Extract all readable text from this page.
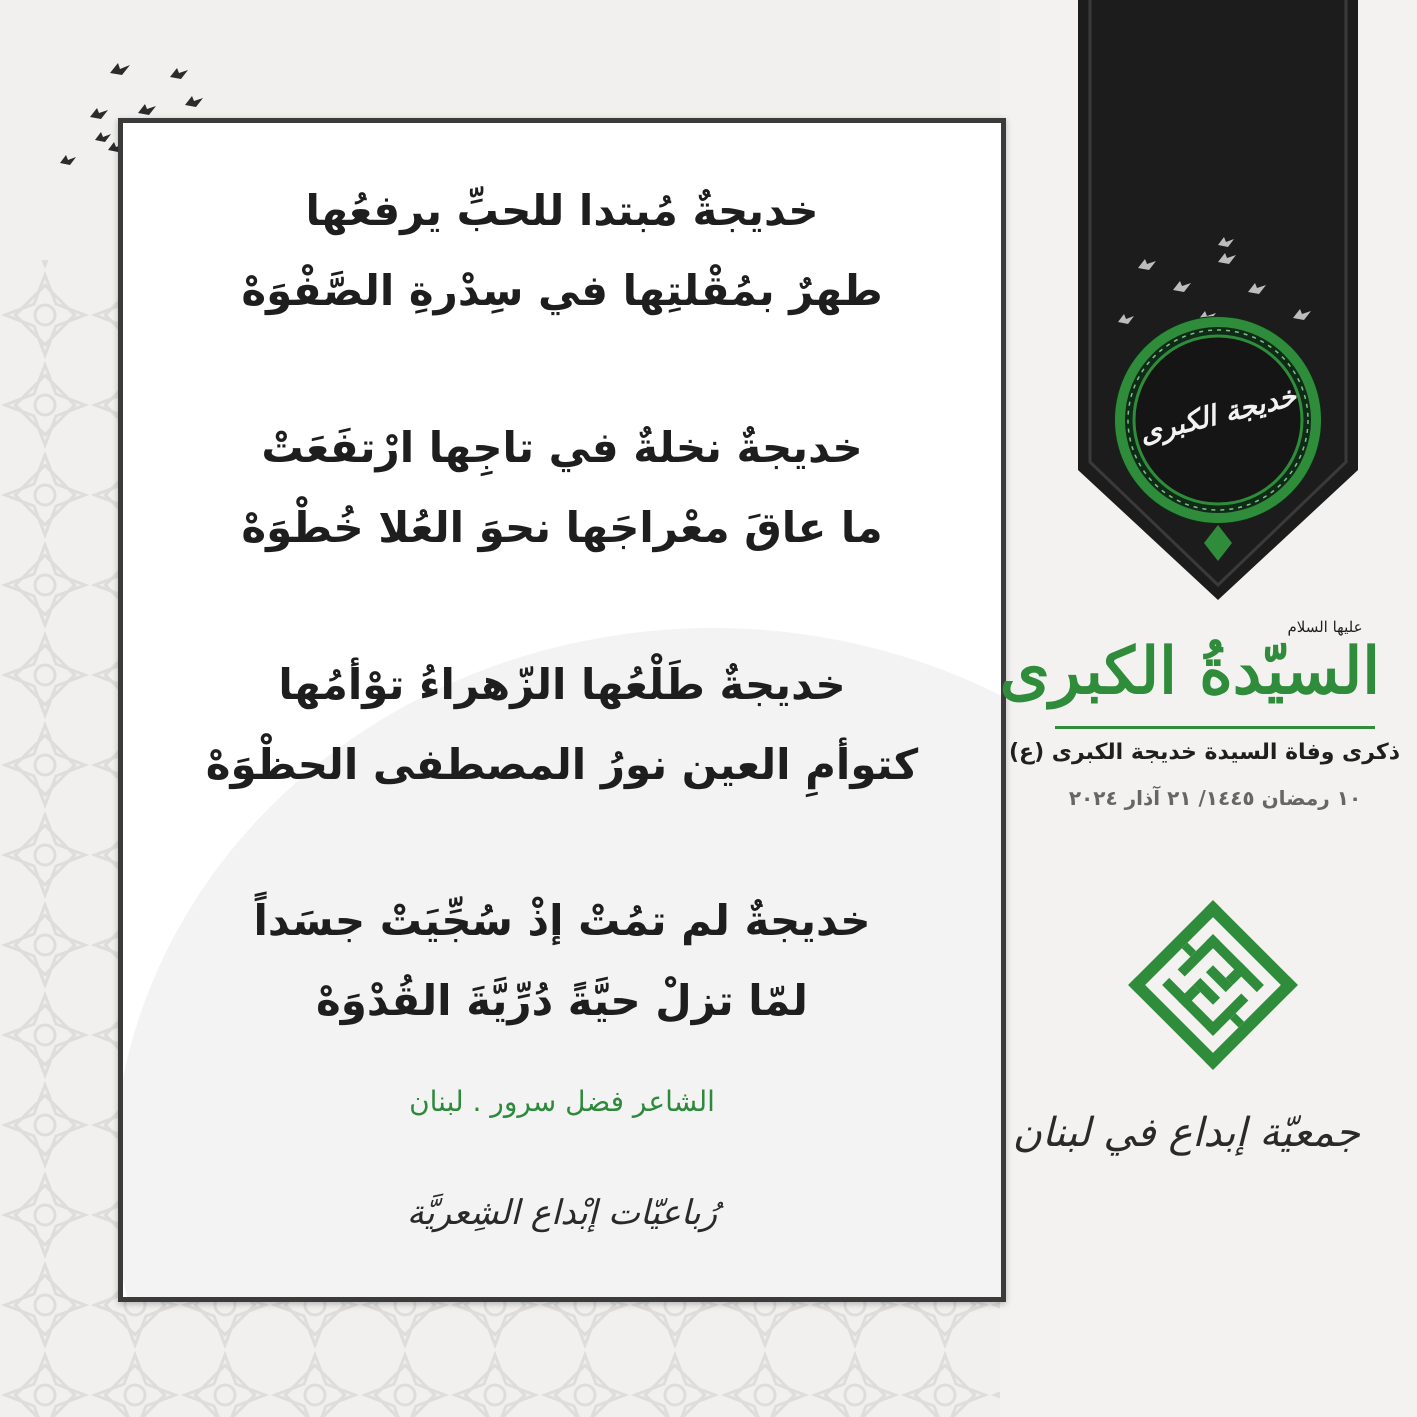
خديجةٌ مُبتدا للحبِّ يرفعُها
طهرٌ بمُقْلتِها في سِدْرةِ الصَّفْوَهْ
خديجةٌ نخلةٌ في تاجِها ارْتفَعَتْ
ما عاقَ معْراجَها نحوَ العُلا خُطْوَهْ
خديجةٌ طَلْعُها الزّهراءُ توْأمُها
كتوأمِ العين نورُ المصطفى الحظْوَهْ
خديجةٌ لم تمُتْ إذْ سُجِّيَتْ جسَداً
لمّا تزلْ حيَّةً دُرِّيَّةَ القُدْوَهْ
الشاعر فضل سرور . لبنان
رُباعيّات إبْداع الشِعريَّة
خديجة الكبرى
عليها السلام
السيّدةُ الكبرى
ذكرى وفاة السيدة خديجة الكبرى (ع)
١٠ رمضان ١٤٤٥/ ٢١ آذار ٢٠٢٤
جمعيّة إبداع في لبنان
